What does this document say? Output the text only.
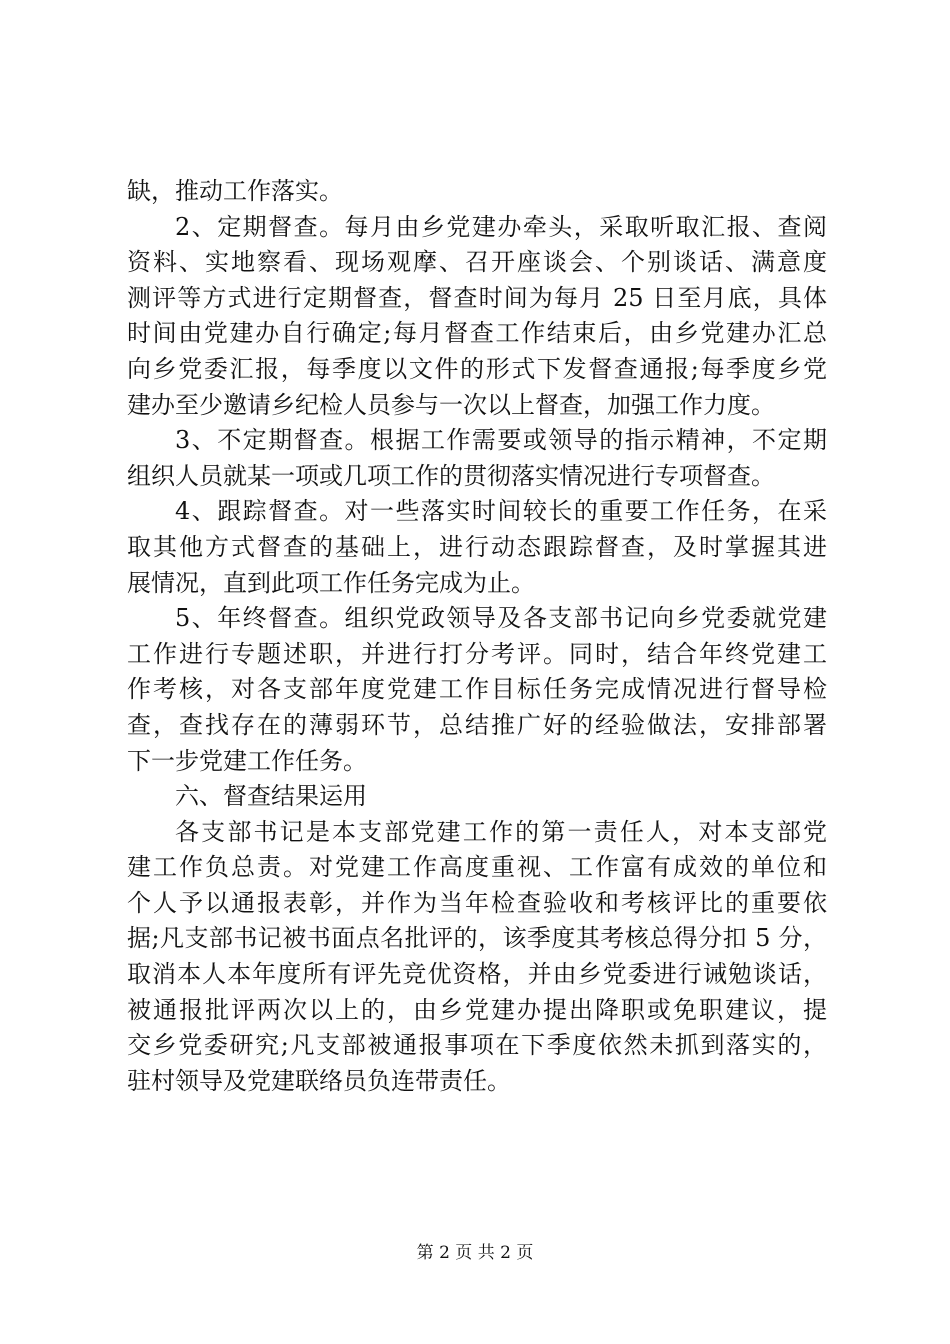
缺，推动工作落实。
2、定期督查。每月由乡党建办牵头，采取听取汇报、查阅
资料、实地察看、现场观摩、召开座谈会、个别谈话、满意度
测评等方式进行定期督查，督查时间为每月 25 日至月底，具体
时间由党建办自行确定;每月督查工作结束后，由乡党建办汇总
向乡党委汇报，每季度以文件的形式下发督查通报;每季度乡党
建办至少邀请乡纪检人员参与一次以上督查，加强工作力度。
3、不定期督查。根据工作需要或领导的指示精神，不定期
组织人员就某一项或几项工作的贯彻落实情况进行专项督查。
4、跟踪督查。对一些落实时间较长的重要工作任务，在采
取其他方式督查的基础上，进行动态跟踪督查，及时掌握其进
展情况，直到此项工作任务完成为止。
5、年终督查。组织党政领导及各支部书记向乡党委就党建
工作进行专题述职，并进行打分考评。同时，结合年终党建工
作考核，对各支部年度党建工作目标任务完成情况进行督导检
查，查找存在的薄弱环节，总结推广好的经验做法，安排部署
下一步党建工作任务。
六、督查结果运用
各支部书记是本支部党建工作的第一责任人，对本支部党
建工作负总责。对党建工作高度重视、工作富有成效的单位和
个人予以通报表彰，并作为当年检查验收和考核评比的重要依
据;凡支部书记被书面点名批评的，该季度其考核总得分扣 5 分，
取消本人本年度所有评先竞优资格，并由乡党委进行诫勉谈话，
被通报批评两次以上的，由乡党建办提出降职或免职建议，提
交乡党委研究;凡支部被通报事项在下季度依然未抓到落实的，
驻村领导及党建联络员负连带责任。
第 2 页 共 2 页
